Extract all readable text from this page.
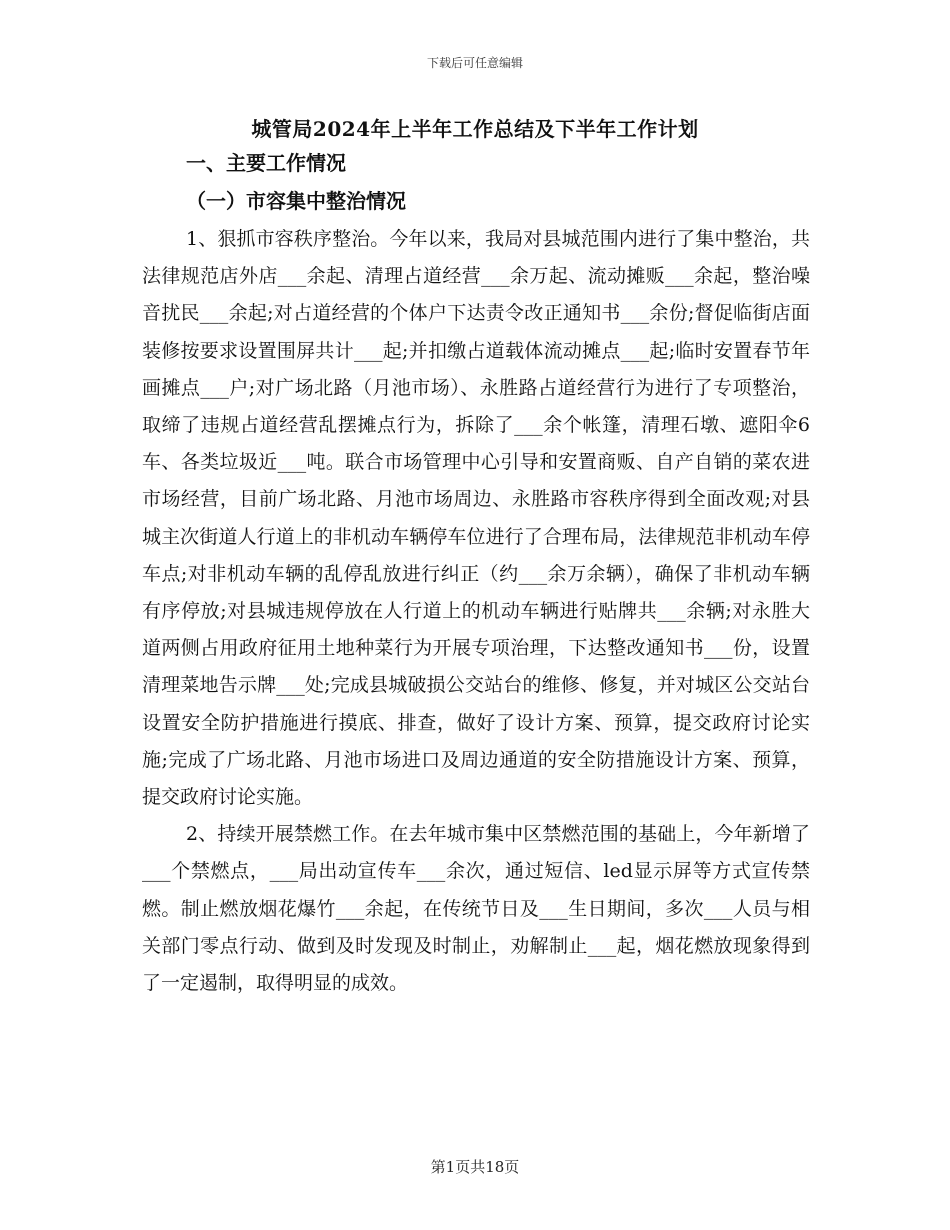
下载后可任意编辑
城管局2024年上半年工作总结及下半年工作计划
一、主要工作情况
（一）市容集中整治情况

1、狠抓市容秩序整治。今年以来，我局对县城范围内进行了集中整治，共法律规范店外店___余起、清理占道经营___余万起、流动摊贩___余起，整治噪音扰民___余起;对占道经营的个体户下达责令改正通知书___余份;督促临街店面装修按要求设置围屏共计___起;并扣缴占道载体流动摊点___起;临时安置春节年画摊点___户;对广场北路（月池市场）、永胜路占道经营行为进行了专项整治，取缔了违规占道经营乱摆摊点行为，拆除了___余个帐篷，清理石墩、遮阳伞6车、各类垃圾近___吨。联合市场管理中心引导和安置商贩、自产自销的菜农进市场经营，目前广场北路、月池市场周边、永胜路市容秩序得到全面改观;对县城主次街道人行道上的非机动车辆停车位进行了合理布局，法律规范非机动车停车点;对非机动车辆的乱停乱放进行纠正（约___余万余辆），确保了非机动车辆有序停放;对县城违规停放在人行道上的机动车辆进行贴牌共___余辆;对永胜大道两侧占用政府征用土地种菜行为开展专项治理，下达整改通知书___份，设置清理菜地告示牌___处;完成县城破损公交站台的维修、修复，并对城区公交站台设置安全防护措施进行摸底、排查，做好了设计方案、预算，提交政府讨论实施;完成了广场北路、月池市场进口及周边通道的安全防措施设计方案、预算，提交政府讨论实施。

2、持续开展禁燃工作。在去年城市集中区禁燃范围的基础上，今年新增了___个禁燃点，___局出动宣传车___余次，通过短信、led显示屏等方式宣传禁燃。制止燃放烟花爆竹___余起，在传统节日及___生日期间，多次___人员与相关部门零点行动、做到及时发现及时制止，劝解制止___起，烟花燃放现象得到了一定遏制，取得明显的成效。

第1页共18页
